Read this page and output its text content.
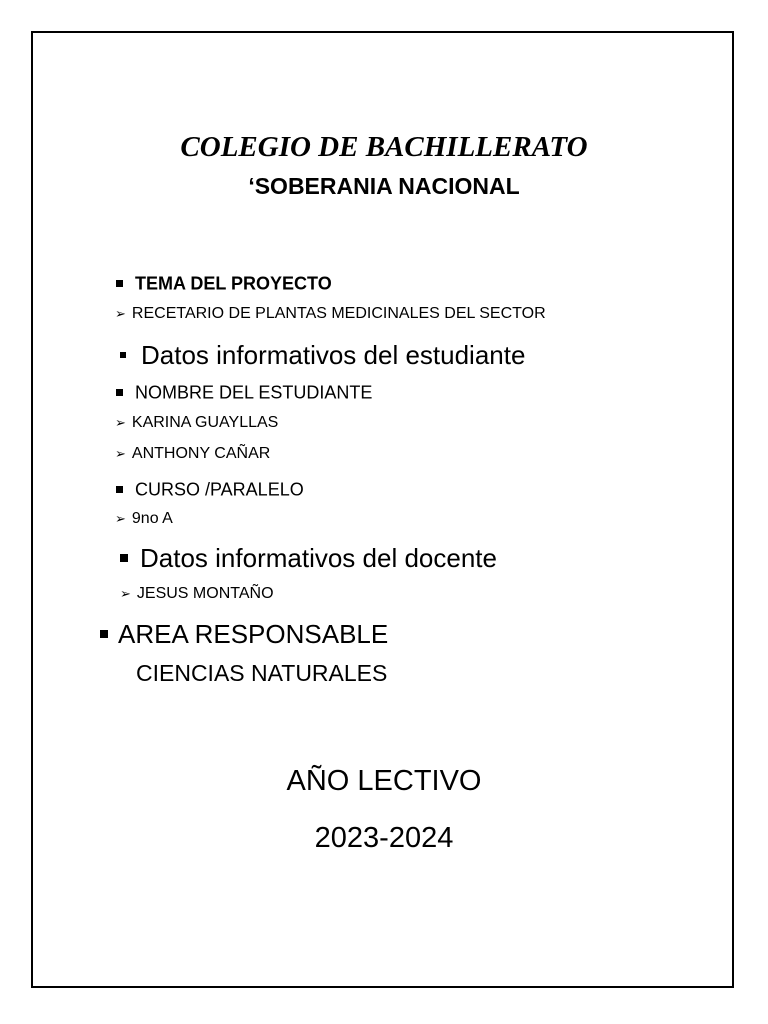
COLEGIO DE BACHILLERATO
‘SOBERANIA NACIONAL
TEMA DEL PROYECTO
➢ RECETARIO DE PLANTAS MEDICINALES DEL SECTOR
Datos informativos del estudiante
NOMBRE DEL ESTUDIANTE
➢ KARINA GUAYLLAS
➢ ANTHONY CAÑAR
CURSO /PARALELO
➢ 9no A
Datos informativos del docente
➢ JESUS MONTAÑO
AREA RESPONSABLE
CIENCIAS NATURALES
AÑO LECTIVO
2023-2024
